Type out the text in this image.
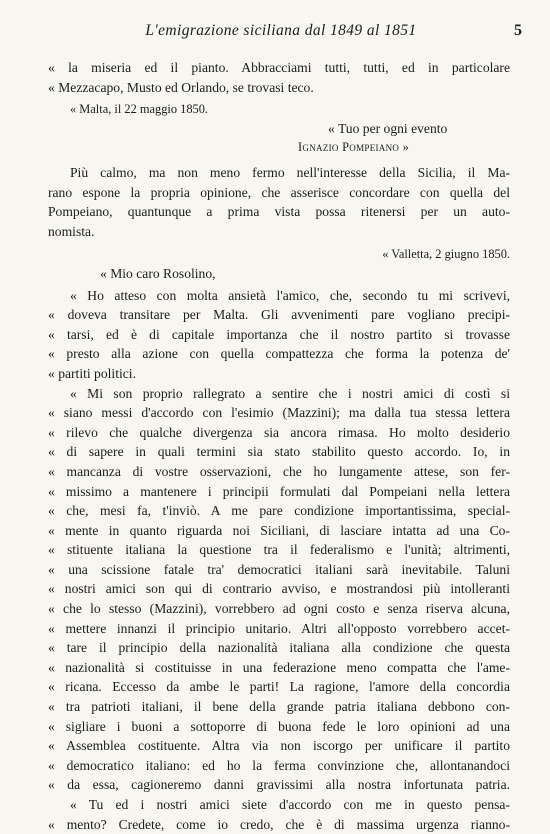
L'emigrazione siciliana dal 1849 al 1851	5
« la miseria ed il pianto. Abbracciami tutti, tutti, ed in particolare
« Mezzacapo, Musto ed Orlando, se trovasi teco.
« Malta, il 22 maggio 1850.
« Tuo per ogni evento
Ignazio Pompeiano »
Più calmo, ma non meno fermo nell'interesse della Sicilia, il Ma-
rano espone la propria opinione, che asserisce concordare con quella del
Pompeiano, quantunque a prima vista possa ritenersi per un auto-
nomista.
« Valletta, 2 giugno 1850.
« Mio caro Rosolino,
« Ho atteso con molta ansietà l'amico, che, secondo tu mi scrivevi,
« doveva transitare per Malta. Gli avvenimenti pare vogliano precipi-
« tarsi, ed è di capitale importanza che il nostro partito si trovasse
« presto alla azione con quella compattezza che forma la potenza de'
« partiti politici.
« Mi son proprio rallegrato a sentire che i nostri amici di costì si
« siano messi d'accordo con l'esimio (Mazzini); ma dalla tua stessa lettera
« rilevo che qualche divergenza sia ancora rimasa. Ho molto desiderio
« di sapere in quali termini sia stato stabilito questo accordo. Io, in
« mancanza di vostre osservazioni, che ho lungamente attese, son fer-
« missimo a mantenere i principii formulati dal Pompeiani nella lettera
« che, mesi fa, t'inviò. A me pare condizione importantissima, special-
« mente in quanto riguarda noi Siciliani, di lasciare intatta ad una Co-
« stituente italiana la questione tra il federalismo e l'unità; altrimenti,
« una scissione fatale tra' democratici italiani sarà inevitabile. Taluni
« nostri amici son qui di contrario avviso, e mostrandosi più intolleranti
« che lo stesso (Mazzini), vorrebbero ad ogni costo e senza riserva alcuna,
« mettere innanzi il principio unitario. Altri all'opposto vorrebbero accet-
« tare il principio della nazionalità italiana alla condizione che questa
« nazionalità si costituisse in una federazione meno compatta che l'ame-
« ricana. Eccesso da ambe le parti! La ragione, l'amore della concordia
« tra patrioti italiani, il bene della grande patria italiana debbono con-
« sigliare i buoni a sottoporre di buona fede le loro opinioni ad una
« Assemblea costituente. Altra via non iscorgo per unificare il partito
« democratico italiano: ed ho la ferma convinzione che, allontanandoci
« da essa, cagioneremo danni gravissimi alla nostra infortunata patria.
« Tu ed i nostri amici siete d'accordo con me in questo pensa-
« mento? Credete, come io credo, che è di massima urgenza rianno-
